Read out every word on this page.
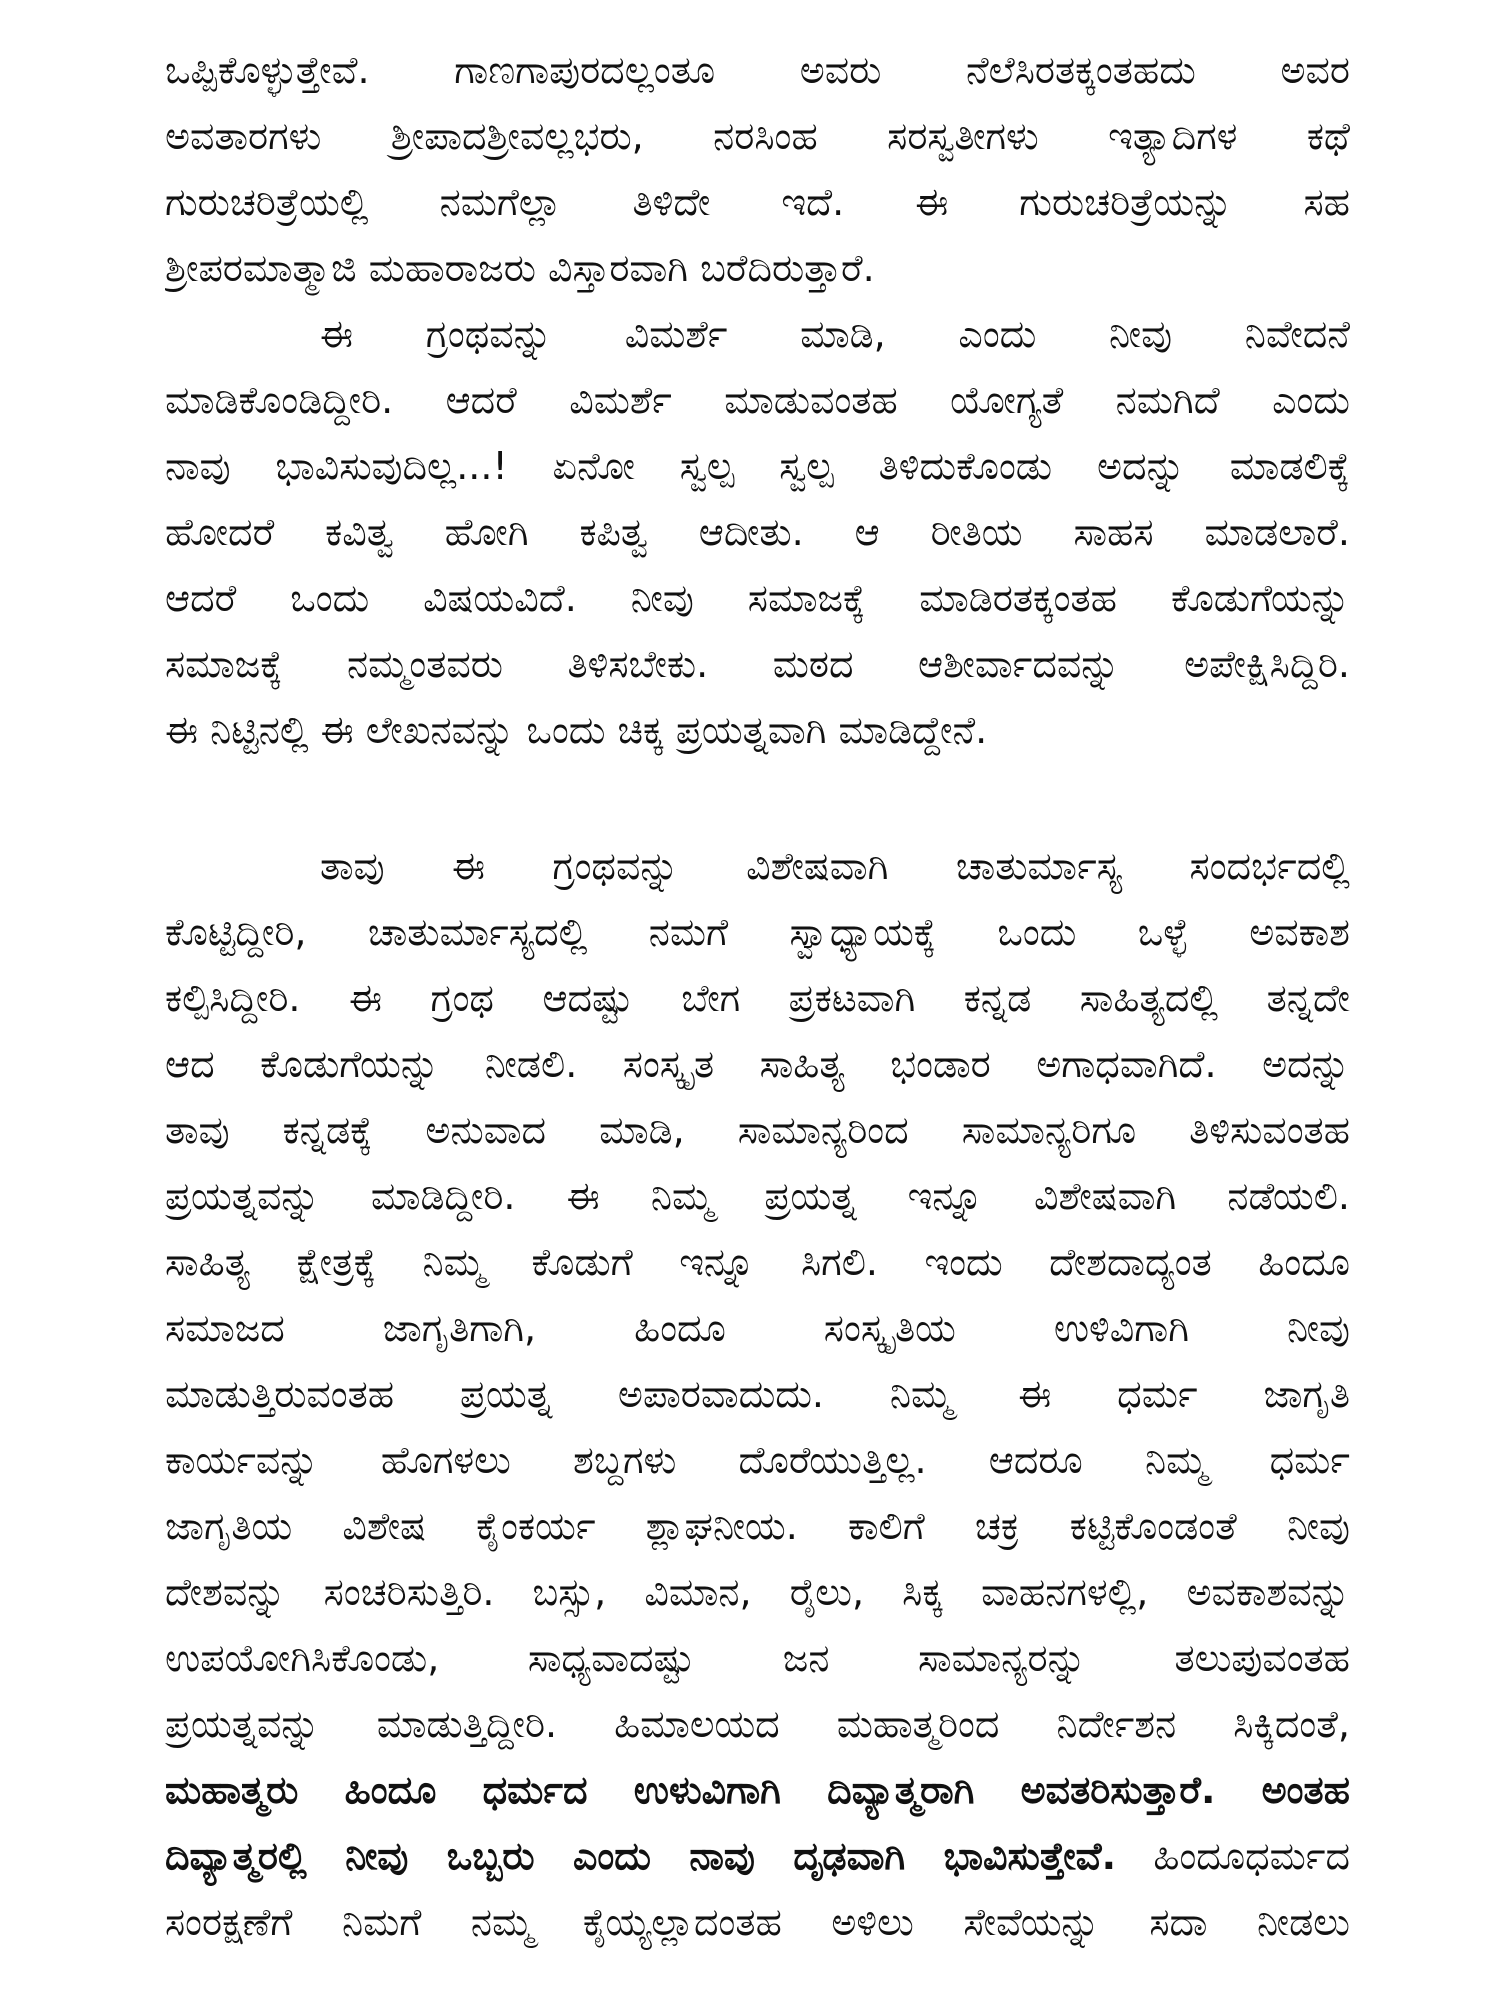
ಒಪ್ಪಿಕೊಳ್ಳುತ್ತೇವೆ. ಗಾಣಗಾಪುರದಲ್ಲಂತೂ ಅವರು ನೆಲೆಸಿರತಕ್ಕಂತಹದು ಅವರ
ಅವತಾರಗಳು ಶ್ರೀಪಾದಶ್ರೀವಲ್ಲಭರು, ನರಸಿಂಹ ಸರಸ್ವತೀಗಳು ಇತ್ಯಾದಿಗಳ ಕಥೆ
ಗುರುಚರಿತ್ರೆಯಲ್ಲಿ ನಮಗೆಲ್ಲಾ ತಿಳಿದೇ ಇದೆ. ಈ ಗುರುಚರಿತ್ರೆಯನ್ನು ಸಹ
ಶ್ರೀಪರಮಾತ್ಮಾಜಿ ಮಹಾರಾಜರು ವಿಸ್ತಾರವಾಗಿ ಬರೆದಿರುತ್ತಾರೆ.
ಈ ಗ್ರಂಥವನ್ನು ವಿಮರ್ಶೆ ಮಾಡಿ, ಎಂದು ನೀವು ನಿವೇದನೆ
ಮಾಡಿಕೊಂಡಿದ್ದೀರಿ. ಆದರೆ ವಿಮರ್ಶೆ ಮಾಡುವಂತಹ ಯೋಗ್ಯತೆ ನಮಗಿದೆ ಎಂದು
ನಾವು ಭಾವಿಸುವುದಿಲ್ಲ...! ಏನೋ ಸ್ವಲ್ಪ ಸ್ವಲ್ಪ ತಿಳಿದುಕೊಂಡು ಅದನ್ನು ಮಾಡಲಿಕ್ಕೆ
ಹೋದರೆ ಕವಿತ್ವ ಹೋಗಿ ಕಪಿತ್ವ ಆದೀತು. ಆ ರೀತಿಯ ಸಾಹಸ ಮಾಡಲಾರೆ.
ಆದರೆ ಒಂದು ವಿಷಯವಿದೆ. ನೀವು ಸಮಾಜಕ್ಕೆ ಮಾಡಿರತಕ್ಕಂತಹ ಕೊಡುಗೆಯನ್ನು
ಸಮಾಜಕ್ಕೆ ನಮ್ಮಂತವರು ತಿಳಿಸಬೇಕು. ಮಠದ ಆಶೀರ್ವಾದವನ್ನು ಅಪೇಕ್ಷಿಸಿದ್ದಿರಿ.
ಈ ನಿಟ್ಟಿನಲ್ಲಿ ಈ ಲೇಖನವನ್ನು ಒಂದು ಚಿಕ್ಕ ಪ್ರಯತ್ನವಾಗಿ ಮಾಡಿದ್ದೇನೆ.
ತಾವು ಈ ಗ್ರಂಥವನ್ನು ವಿಶೇಷವಾಗಿ ಚಾತುರ್ಮಾಸ್ಯ ಸಂದರ್ಭದಲ್ಲಿ
ಕೊಟ್ಟಿದ್ದೀರಿ, ಚಾತುರ್ಮಾಸ್ಯದಲ್ಲಿ ನಮಗೆ ಸ್ವಾಧ್ಯಾಯಕ್ಕೆ ಒಂದು ಒಳ್ಳೆ ಅವಕಾಶ
ಕಲ್ಪಿಸಿದ್ದೀರಿ. ಈ ಗ್ರಂಥ ಆದಷ್ಟು ಬೇಗ ಪ್ರಕಟವಾಗಿ ಕನ್ನಡ ಸಾಹಿತ್ಯದಲ್ಲಿ ತನ್ನದೇ
ಆದ ಕೊಡುಗೆಯನ್ನು ನೀಡಲಿ. ಸಂಸ್ಕೃತ ಸಾಹಿತ್ಯ ಭಂಡಾರ ಅಗಾಧವಾಗಿದೆ. ಅದನ್ನು
ತಾವು ಕನ್ನಡಕ್ಕೆ ಅನುವಾದ ಮಾಡಿ, ಸಾಮಾನ್ಯರಿಂದ ಸಾಮಾನ್ಯರಿಗೂ ತಿಳಿಸುವಂತಹ
ಪ್ರಯತ್ನವನ್ನು ಮಾಡಿದ್ದೀರಿ. ಈ ನಿಮ್ಮ ಪ್ರಯತ್ನ ಇನ್ನೂ ವಿಶೇಷವಾಗಿ ನಡೆಯಲಿ.
ಸಾಹಿತ್ಯ ಕ್ಷೇತ್ರಕ್ಕೆ ನಿಮ್ಮ ಕೊಡುಗೆ ಇನ್ನೂ ಸಿಗಲಿ. ಇಂದು ದೇಶದಾದ್ಯಂತ ಹಿಂದೂ
ಸಮಾಜದ ಜಾಗೃತಿಗಾಗಿ, ಹಿಂದೂ ಸಂಸ್ಕೃತಿಯ ಉಳಿವಿಗಾಗಿ ನೀವು
ಮಾಡುತ್ತಿರುವಂತಹ ಪ್ರಯತ್ನ ಅಪಾರವಾದುದು. ನಿಮ್ಮ ಈ ಧರ್ಮ ಜಾಗೃತಿ
ಕಾರ್ಯವನ್ನು ಹೊಗಳಲು ಶಬ್ದಗಳು ದೊರೆಯುತ್ತಿಲ್ಲ. ಆದರೂ ನಿಮ್ಮ ಧರ್ಮ
ಜಾಗೃತಿಯ ವಿಶೇಷ ಕೈಂಕರ್ಯ ಶ್ಲಾಘನೀಯ. ಕಾಲಿಗೆ ಚಕ್ರ ಕಟ್ಟಿಕೊಂಡಂತೆ ನೀವು
ದೇಶವನ್ನು ಸಂಚರಿಸುತ್ತಿರಿ. ಬಸ್ಸು, ವಿಮಾನ, ರೈಲು, ಸಿಕ್ಕ ವಾಹನಗಳಲ್ಲಿ, ಅವಕಾಶವನ್ನು
ಉಪಯೋಗಿಸಿಕೊಂಡು, ಸಾಧ್ಯವಾದಷ್ಟು ಜನ ಸಾಮಾನ್ಯರನ್ನು ತಲುಪುವಂತಹ
ಪ್ರಯತ್ನವನ್ನು ಮಾಡುತ್ತಿದ್ದೀರಿ. ಹಿಮಾಲಯದ ಮಹಾತ್ಮರಿಂದ ನಿರ್ದೇಶನ ಸಿಕ್ಕಿದಂತೆ,
ಮಹಾತ್ಮರು ಹಿಂದೂ ಧರ್ಮದ ಉಳುವಿಗಾಗಿ ದಿವ್ಯಾತ್ಮರಾಗಿ ಅವತರಿಸುತ್ತಾರೆ. ಅಂತಹ
ದಿವ್ಯಾತ್ಮರಲ್ಲಿ ನೀವು ಒಬ್ಬರು ಎಂದು ನಾವು ದೃಢವಾಗಿ ಭಾವಿಸುತ್ತೇವೆ. ಹಿಂದೂಧರ್ಮದ
ಸಂರಕ್ಷಣೆಗೆ ನಿಮಗೆ ನಮ್ಮ ಕೈಯ್ಯಲ್ಲಾದಂತಹ ಅಳಿಲು ಸೇವೆಯನ್ನು ಸದಾ ನೀಡಲು
